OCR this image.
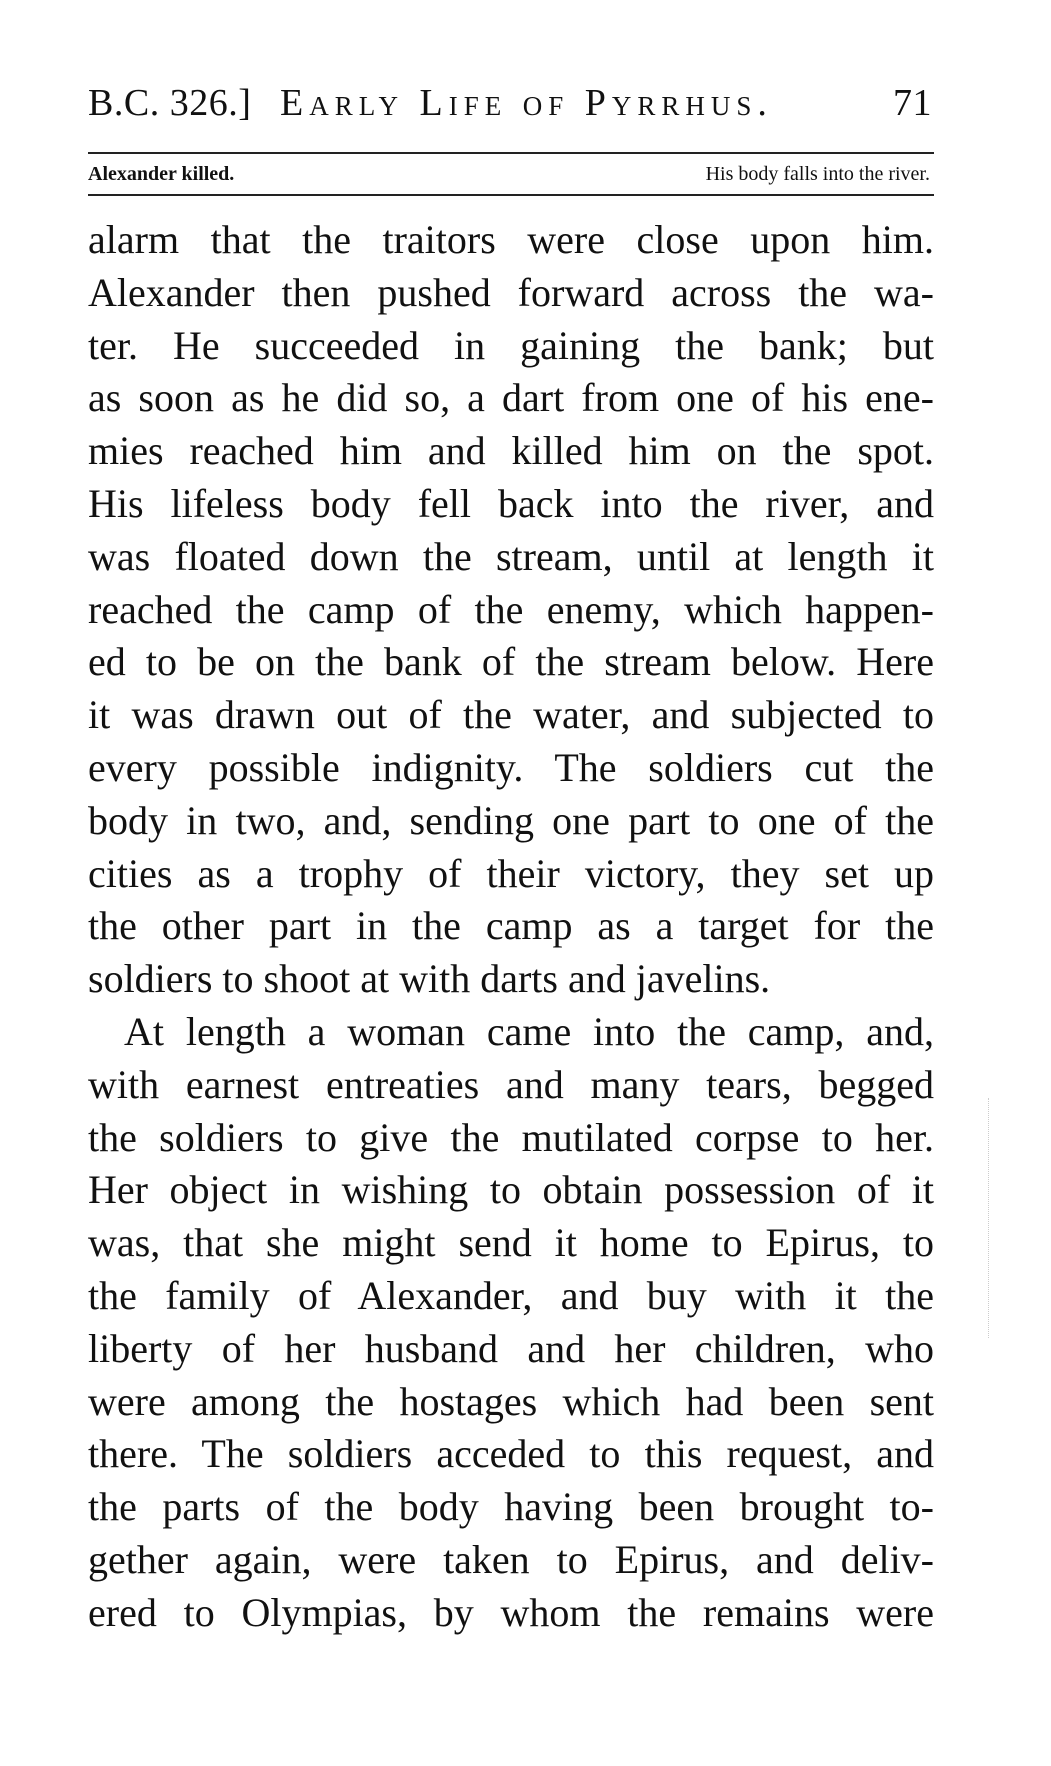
B.C. 326.] Early Life of Pyrrhus.	71
Alexander killed.	His body falls into the river.
alarm that the traitors were close upon him.
Alexander then pushed forward across the wa-
ter. He succeeded in gaining the bank; but
as soon as he did so, a dart from one of his ene-
mies reached him and killed him on the spot.
His lifeless body fell back into the river, and
was floated down the stream, until at length it
reached the camp of the enemy, which happen-
ed to be on the bank of the stream below. Here
it was drawn out of the water, and subjected to
every possible indignity. The soldiers cut the
body in two, and, sending one part to one of the
cities as a trophy of their victory, they set up
the other part in the camp as a target for the
soldiers to shoot at with darts and javelins.
At length a woman came into the camp, and,
with earnest entreaties and many tears, begged
the soldiers to give the mutilated corpse to her.
Her object in wishing to obtain possession of it
was, that she might send it home to Epirus, to
the family of Alexander, and buy with it the
liberty of her husband and her children, who
were among the hostages which had been sent
there. The soldiers acceded to this request, and
the parts of the body having been brought to-
gether again, were taken to Epirus, and deliv-
ered to Olympias, by whom the remains were
